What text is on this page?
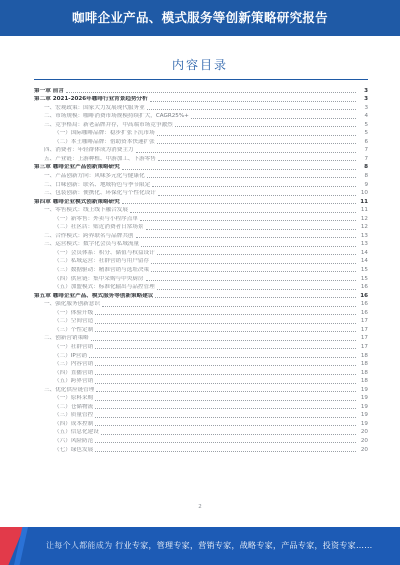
咖啡企业产品、模式服务等创新策略研究报告
内容目录
第一章 前言	3
第二章 2021-2026年咖啡行业背景趋势分析	3
一、宏观政策：国家大力发展现代服务业	3
二、市场规模：咖啡消费市场规模持续扩大，CAGR25%+	4
三、竞争格局：新老品牌并存，中高端市场竞争激烈	5
（一）国际咖啡品牌：稳步扩张下沉市场	5
（二）本土咖啡品牌：借助资本快速扩张	6
四、消费者：年轻群体成为消费主力	7
五、产业链：上游种植、中游加工、下游零售	7
第三章 咖啡企业产品创新策略研究	8
一、产品创新方向：风味多元化与健康化	8
二、口味创新：联名、地域特色与季节限定	9
三、包装创新：便携化、环保化与个性化设计	10
第四章 咖啡企业模式创新策略研究	11
一、零售模式：线上线下融合发展	11
（一）新零售：外卖与小程序点单	12
（二）社区店：贴近消费者日常场景	12
二、合作模式：跨界联名与品牌共创	13
三、运营模式：数字化会员与私域流量	13
（一）会员体系：积分、储值与权益设计	14
（二）私域运营：社群营销与用户留存	14
（三）数据驱动：精准营销与选址决策	15
（四）供应链：集中采购与中央厨房	15
（五）加盟模式：标准化输出与品控管理	16
第五章 咖啡企业产品、模式服务等创新策略建议	16
一、强化服务创新意识	16
（一）体验升级	16
（二）空间营造	17
（三）个性定制	17
二、创新营销策略	17
（一）社群营销	17
（二）IP营销	18
（三）内容营销	18
（四）直播营销	18
（五）跨界营销	18
三、优化供应链管理	19
（一）原料采购	19
（二）仓储物流	19
（三）质量管控	19
（四）成本控制	19
（五）信息化建设	20
（六）风险防范	20
（七）绿色发展	20
2
让每个人都能成为 行业专家，管理专家，营销专家，战略专家，产品专家，投资专家……
